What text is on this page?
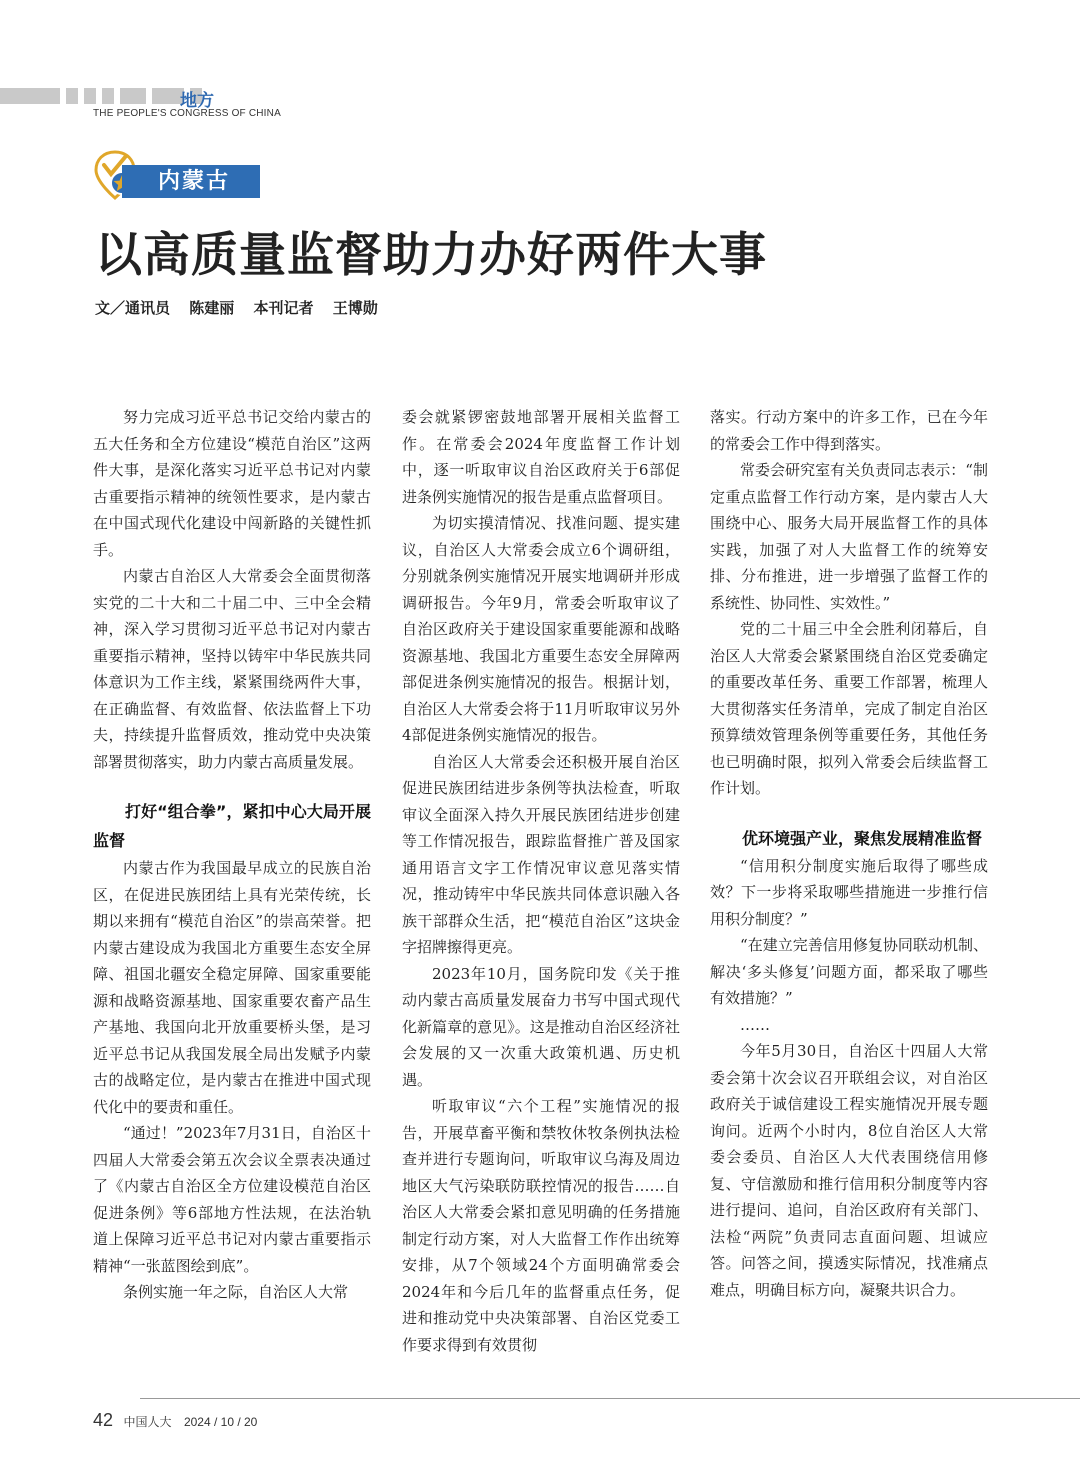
地方
THE PEOPLE'S CONGRESS OF CHINA
内蒙古
以高质量监督助力办好两件大事
文／通讯员 陈建丽 本刊记者 王博勋

努力完成习近平总书记交给内蒙古的五大任务和全方位建设“模范自治区”这两件大事，是深化落实习近平总书记对内蒙古重要指示精神的统领性要求，是内蒙古在中国式现代化建设中闯新路的关键性抓手。

内蒙古自治区人大常委会全面贯彻落实党的二十大和二十届二中、三中全会精神，深入学习贯彻习近平总书记对内蒙古重要指示精神，坚持以铸牢中华民族共同体意识为工作主线，紧紧围绕两件大事，在正确监督、有效监督、依法监督上下功夫，持续提升监督质效，推动党中央决策部署贯彻落实，助力内蒙古高质量发展。

打好“组合拳”，紧扣中心大局开展监督

内蒙古作为我国最早成立的民族自治区，在促进民族团结上具有光荣传统，长期以来拥有“模范自治区”的崇高荣誉。把内蒙古建设成为我国北方重要生态安全屏障、祖国北疆安全稳定屏障、国家重要能源和战略资源基地、国家重要农畜产品生产基地、我国向北开放重要桥头堡，是习近平总书记从我国发展全局出发赋予内蒙古的战略定位，是内蒙古在推进中国式现代化中的要责和重任。

“通过！”2023年7月31日，自治区十四届人大常委会第五次会议全票表决通过了《内蒙古自治区全方位建设模范自治区促进条例》等6部地方性法规，在法治轨道上保障习近平总书记对内蒙古重要指示精神“一张蓝图绘到底”。

条例实施一年之际，自治区人大常

委会就紧锣密鼓地部署开展相关监督工作。在常委会2024年度监督工作计划中，逐一听取审议自治区政府关于6部促进条例实施情况的报告是重点监督项目。

为切实摸清情况、找准问题、提实建议，自治区人大常委会成立6个调研组，分别就条例实施情况开展实地调研并形成调研报告。今年9月，常委会听取审议了自治区政府关于建设国家重要能源和战略资源基地、我国北方重要生态安全屏障两部促进条例实施情况的报告。根据计划，自治区人大常委会将于11月听取审议另外4部促进条例实施情况的报告。

自治区人大常委会还积极开展自治区促进民族团结进步条例等执法检查，听取审议全面深入持久开展民族团结进步创建等工作情况报告，跟踪监督推广普及国家通用语言文字工作情况审议意见落实情况，推动铸牢中华民族共同体意识融入各族干部群众生活，把“模范自治区”这块金字招牌擦得更亮。

2023年10月，国务院印发《关于推动内蒙古高质量发展奋力书写中国式现代化新篇章的意见》。这是推动自治区经济社会发展的又一次重大政策机遇、历史机遇。

听取审议“六个工程”实施情况的报告，开展草畜平衡和禁牧休牧条例执法检查并进行专题询问，听取审议乌海及周边地区大气污染联防联控情况的报告……自治区人大常委会紧扣意见明确的任务措施制定行动方案，对人大监督工作作出统筹安排，从7个领域24个方面明确常委会2024年和今后几年的监督重点任务，促进和推动党中央决策部署、自治区党委工作要求得到有效贯彻

落实。行动方案中的许多工作，已在今年的常委会工作中得到落实。

常委会研究室有关负责同志表示：“制定重点监督工作行动方案，是内蒙古人大围绕中心、服务大局开展监督工作的具体实践，加强了对人大监督工作的统筹安排、分布推进，进一步增强了监督工作的系统性、协同性、实效性。”

党的二十届三中全会胜利闭幕后，自治区人大常委会紧紧围绕自治区党委确定的重要改革任务、重要工作部署，梳理人大贯彻落实任务清单，完成了制定自治区预算绩效管理条例等重要任务，其他任务也已明确时限，拟列入常委会后续监督工作计划。

优环境强产业，聚焦发展精准监督

“信用积分制度实施后取得了哪些成效？下一步将采取哪些措施进一步推行信用积分制度？”

“在建立完善信用修复协同联动机制、解决‘多头修复’问题方面，都采取了哪些有效措施？”

……

今年5月30日，自治区十四届人大常委会第十次会议召开联组会议，对自治区政府关于诚信建设工程实施情况开展专题询问。近两个小时内，8位自治区人大常委会委员、自治区人大代表围绕信用修复、守信激励和推行信用积分制度等内容进行提问、追问，自治区政府有关部门、法检“两院”负责同志直面问题、坦诚应答。问答之间，摸透实际情况，找准痛点难点，明确目标方向，凝聚共识合力。

42 中国人大 2024 / 10 / 20
